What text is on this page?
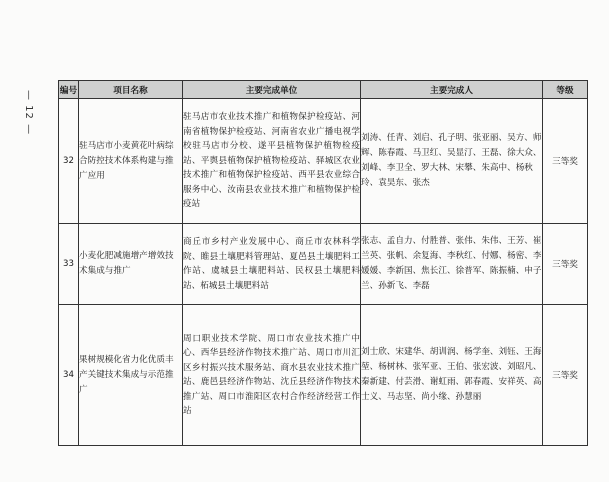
— 12 —	编号	项目名称	主要完成单位	主要完成人	等级
32	驻马店市小麦黄花叶病综合防控技术体系构建与推广应用	驻马店市农业技术推广和植物保护检疫站、河南省植物保护检疫站、河南省农业广播电视学校驻马店市分校、遂平县植物保护植物检疫站、平舆县植物保护植物检疫站、驿城区农业技术推广和植物保护检疫站、西平县农业综合服务中心、汝南县农业技术推广和植物保护检疫站	刘涛、任青、刘启、孔子明、张亚丽、吴方、师辉、陈春霞、马卫红、吴显汀、王磊、徐大众、刘峰、李卫全、罗大林、宋攀、朱高中、杨秋玲、袁昊东、张杰	三等奖
33	小麦化肥减施增产增效技术集成与推广	商丘市乡村产业发展中心、商丘市农林科学院、睢县土壤肥料管理站、夏邑县土壤肥料工作站、虞城县土壤肥料站、民权县土壤肥料站、柘城县土壤肥料站	张志、孟自力、付胜普、张伟、朱伟、王芳、崔兰英、张帆、余复海、李秋红、付娜、杨密、李媛媛、李新国、焦长江、徐普军、陈振楠、申子兰、孙新飞、李磊	三等奖
34	果树规模化省力化优质丰产关键技术集成与示范推广	周口职业技术学院、周口市农业技术推广中心、西华县经济作物技术推广站、周口市川汇区乡村振兴技术服务站、商水县农业技术推广站、鹿邑县经济作物站、沈丘县经济作物技术推广站、周口市淮阳区农村合作经济经营工作站	刘士欣、宋建华、胡训润、杨学奎、刘钰、王海堃、杨树林、张军亚、王伯、张宏波、刘昭凡、秦新建、付芸滑、谢虹雨、郭春霞、安祥英、高士义、马志坚、尚小缘、孙慧丽	三等奖
